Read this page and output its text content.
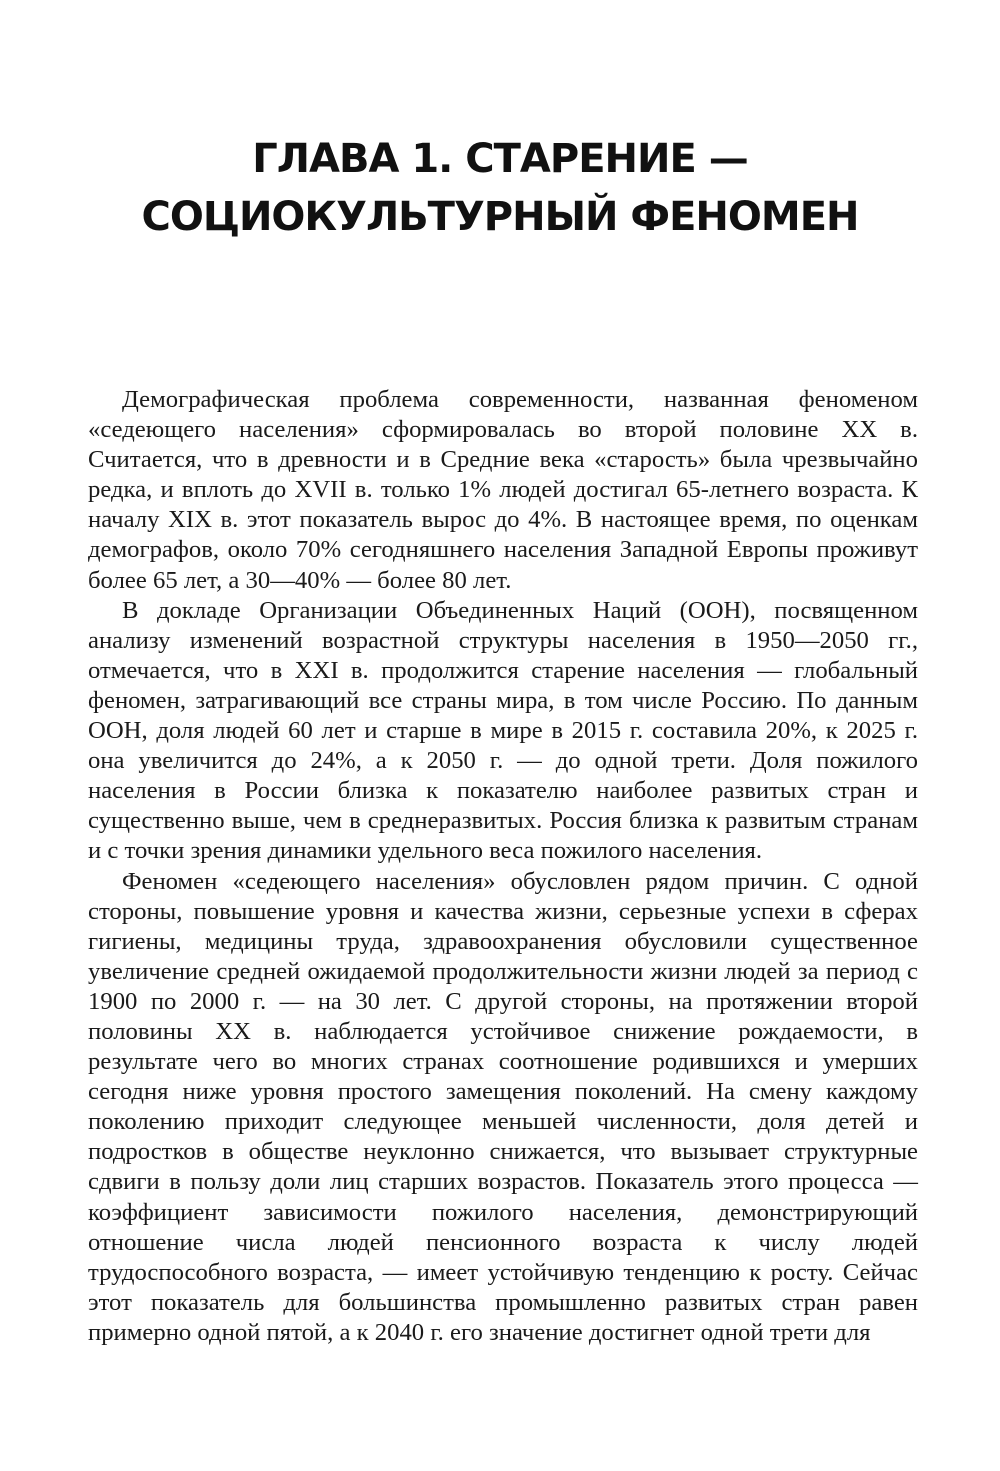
ГЛАВА 1. СТАРЕНИЕ —
СОЦИОКУЛЬТУРНЫЙ ФЕНОМЕН

Демографическая проблема современности, названная феноменом «седеющего населения» сформировалась во второй половине XX в. Считается, что в древности и в Средние века «старость» была чрезвычайно редка, и вплоть до XVII в. только 1% людей достигал 65-летнего возраста. К началу XIX в. этот показатель вырос до 4%. В настоящее время, по оценкам демографов, около 70% сегодняшнего населения Западной Европы проживут более 65 лет, а 30—40% — более 80 лет.

В докладе Организации Объединенных Наций (ООН), посвященном анализу изменений возрастной структуры населения в 1950—2050 гг., отмечается, что в XXI в. продолжится старение населения — глобальный феномен, затрагивающий все страны мира, в том числе Россию. По данным ООН, доля людей 60 лет и старше в мире в 2015 г. составила 20%, к 2025 г. она увеличится до 24%, а к 2050 г. — до одной трети. Доля пожилого населения в России близка к показателю наиболее развитых стран и существенно выше, чем в среднеразвитых. Россия близка к развитым странам и с точки зрения динамики удельного веса пожилого населения.

Феномен «седеющего населения» обусловлен рядом причин. С одной стороны, повышение уровня и качества жизни, серьезные успехи в сферах гигиены, медицины труда, здравоохранения обусловили существенное увеличение средней ожидаемой продолжительности жизни людей за период с 1900 по 2000 г. — на 30 лет. С другой стороны, на протяжении второй половины XX в. наблюдается устойчивое снижение рождаемости, в результате чего во многих странах соотношение родившихся и умерших сегодня ниже уровня простого замещения поколений. На смену каждому поколению приходит следующее меньшей численности, доля детей и подростков в обществе неуклонно снижается, что вызывает структурные сдвиги в пользу доли лиц старших возрастов. Показатель этого процесса — коэффициент зависимости пожилого населения, демонстрирующий отношение числа людей пенсионного возраста к числу людей трудоспособного возраста, — имеет устойчивую тенденцию к росту. Сейчас этот показатель для большинства промышленно развитых стран равен примерно одной пятой, а к 2040 г. его значение достигнет одной трети для
